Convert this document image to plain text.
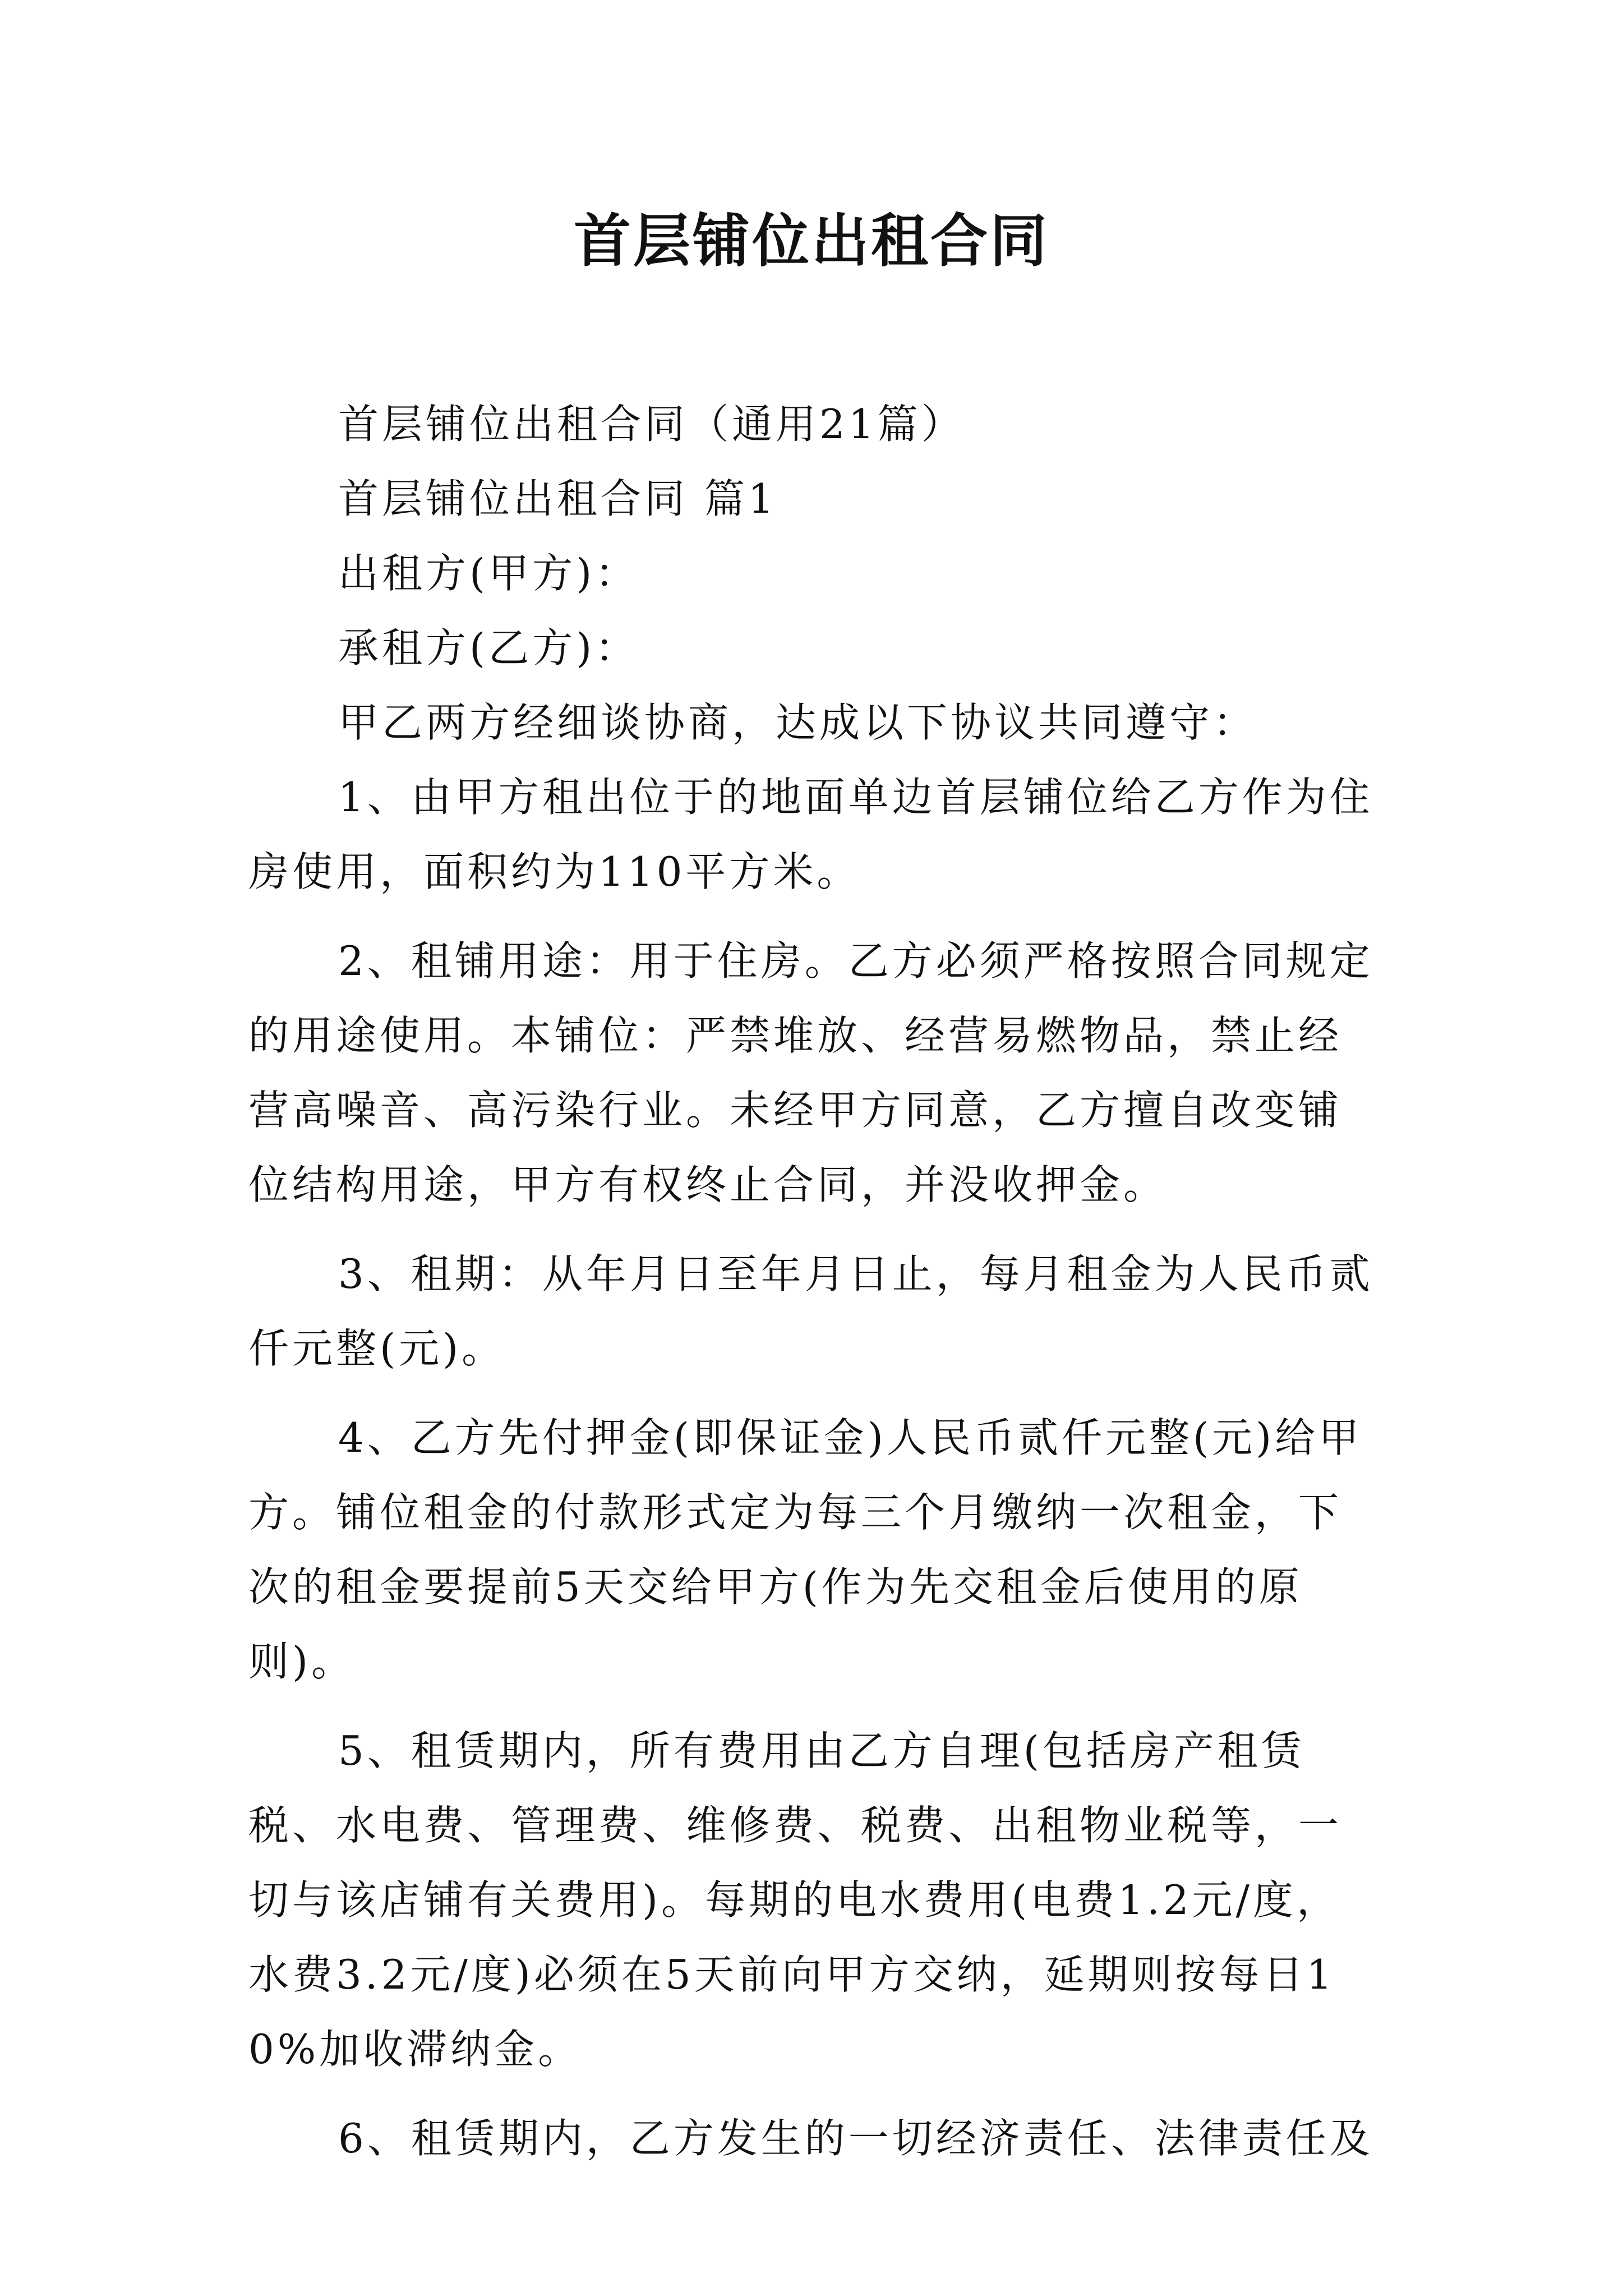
首层铺位出租合同

首层铺位出租合同（通用21篇）

首层铺位出租合同 篇1

出租方(甲方)：

承租方(乙方)：

甲乙两方经细谈协商，达成以下协议共同遵守：

1、由甲方租出位于的地面单边首层铺位给乙方作为住房使用，面积约为110平方米。

2、租铺用途：用于住房。乙方必须严格按照合同规定的用途使用。本铺位：严禁堆放、经营易燃物品，禁止经营高噪音、高污染行业。未经甲方同意，乙方擅自改变铺位结构用途，甲方有权终止合同，并没收押金。

3、租期：从年月日至年月日止，每月租金为人民币贰仟元整(元)。

4、乙方先付押金(即保证金)人民币贰仟元整(元)给甲方。铺位租金的付款形式定为每三个月缴纳一次租金，下次的租金要提前5天交给甲方(作为先交租金后使用的原则)。

5、租赁期内，所有费用由乙方自理(包括房产租赁税、水电费、管理费、维修费、税费、出租物业税等，一切与该店铺有关费用)。每期的电水费用(电费1.2元/度，水费3.2元/度)必须在5天前向甲方交纳，延期则按每日10%加收滞纳金。

6、租赁期内，乙方发生的一切经济责任、法律责任及
